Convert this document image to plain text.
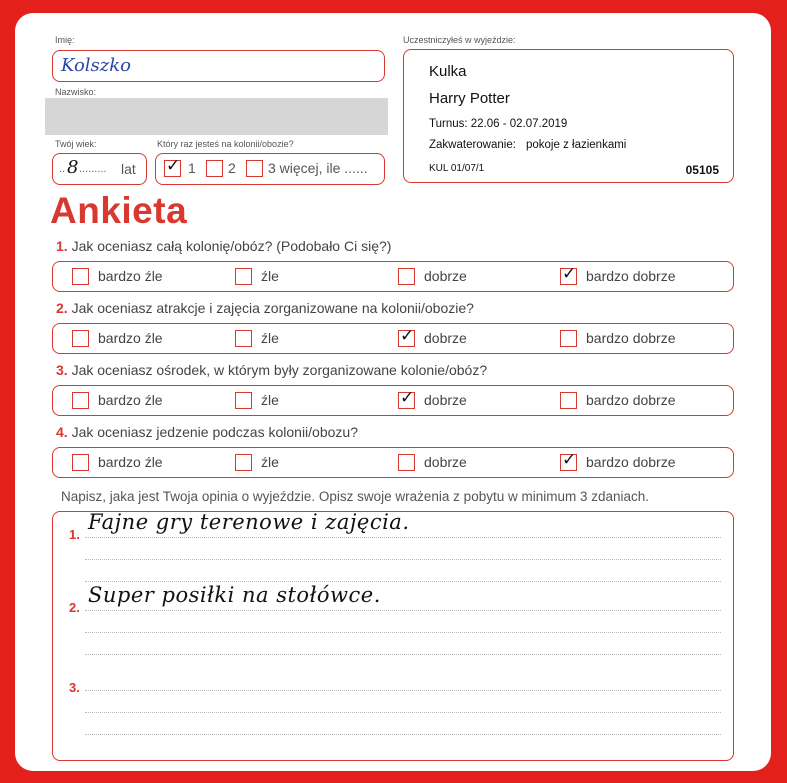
Imię:
Kolszko
Nazwisko:
Twój wiek:
.. 8 ......... lat
Który raz jesteś na kolonii/obozie?
✓ 1 2 3 więcej, ile ......
Uczestniczyłeś w wyjeździe:
Kulka
Harry Potter
Turnus: 22.06 - 02.07.2019
Zakwaterowanie: pokoje z łazienkami
KUL 01/07/1	05105
Ankieta
1. Jak oceniasz całą kolonię/obóz? (Podobało Ci się?)
bardzo źle	źle	dobrze	✓ bardzo dobrze
2. Jak oceniasz atrakcje i zajęcia zorganizowane na kolonii/obozie?
bardzo źle	źle	✓ dobrze	bardzo dobrze
3. Jak oceniasz ośrodek, w którym były zorganizowane kolonie/obóz?
bardzo źle	źle	✓ dobrze	bardzo dobrze
4. Jak oceniasz jedzenie podczas kolonii/obozu?
bardzo źle	źle	dobrze	✓ bardzo dobrze
Napisz, jaka jest Twoja opinia o wyjeździe. Opisz swoje wrażenia z pobytu w minimum 3 zdaniach.
1.
Fajne gry terenowe i zajęcia.
2.
Super posiłki na stołówce.
3.
